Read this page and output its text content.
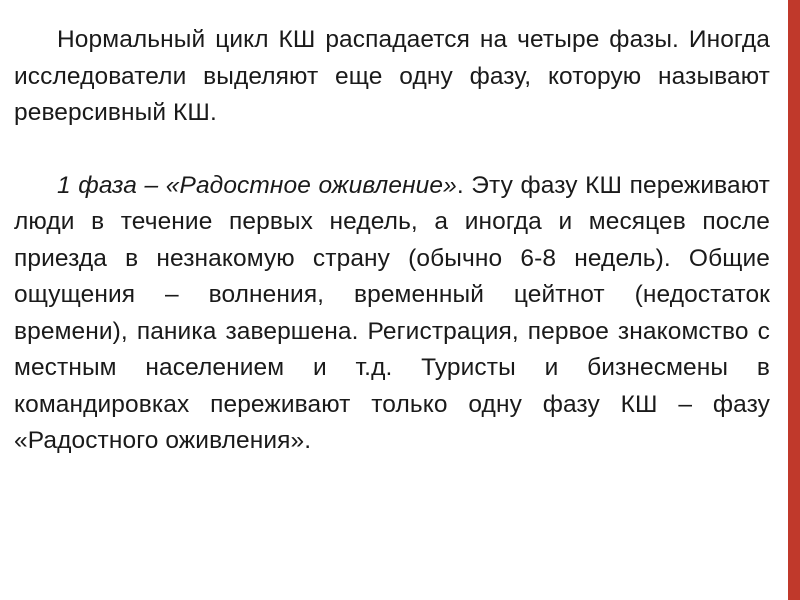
Нормальный цикл КШ распадается на четыре фазы. Иногда исследователи выделяют еще одну фазу, которую называют реверсивный КШ.

1 фаза – «Радостное оживление». Эту фазу КШ переживают люди в течение первых недель, а иногда и месяцев после приезда в незнакомую страну (обычно 6-8 недель). Общие ощущения – волнения, временный цейтнот (недостаток времени), паника завершена. Регистрация, первое знакомство с местным населением и т.д. Туристы и бизнесмены в командировках переживают только одну фазу КШ – фазу «Радостного оживления».
